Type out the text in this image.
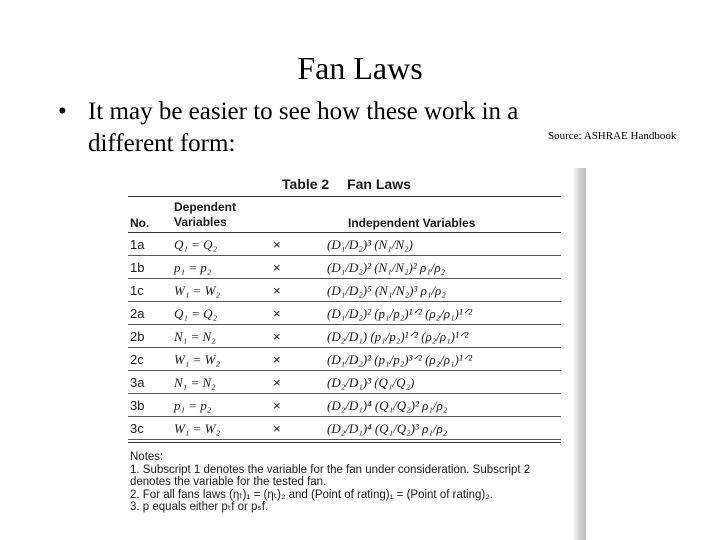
Fan Laws
• It may be easier to see how these work in a different form:	Source: ASHRAE Handbook
Table 2 Fan Laws
Dependent
Variables
No.	Independent Variables
1a Q₁ = Q₂	×	(D₁/D₂)³ (N₁/N₂)
1b p₁ = p₂	×	(D₁/D₂)² (N₁/N₂)² ρ₁/ρ₂
1c W₁ = W₂	×	(D₁/D₂)⁵ (N₁/N₂)³ ρ₁/ρ₂
2a Q₁ = Q₂	×	(D₁/D₂)² (p₁/p₂)¹ᐟ² (ρ₂/ρ₁)¹ᐟ²
2b N₁ = N₂	×	(D₂/D₁) (p₁/p₂)¹ᐟ² (ρ₂/ρ₁)¹ᐟ²
2c W₁ = W₂	×	(D₁/D₂)² (p₁/p₂)³ᐟ² (ρ₂/ρ₁)¹ᐟ²
3a N₁ = N₂	×	(D₂/D₁)³ (Q₁/Q₂)
3b p₁ = p₂	×	(D₂/D₁)⁴ (Q₁/Q₂)² ρ₁/ρ₂
3c W₁ = W₂	×	(D₂/D₁)⁴ (Q₁/Q₂)³ ρ₁/ρ₂
Notes:
1. Subscript 1 denotes the variable for the fan under consideration. Subscript 2
denotes the variable for the tested fan.
2. For all fans laws (ηₜ)₁ = (ηₜ)₂ and (Point of rating)₁ = (Point of rating)₂.
3. p equals either pₜf or pₛf.
